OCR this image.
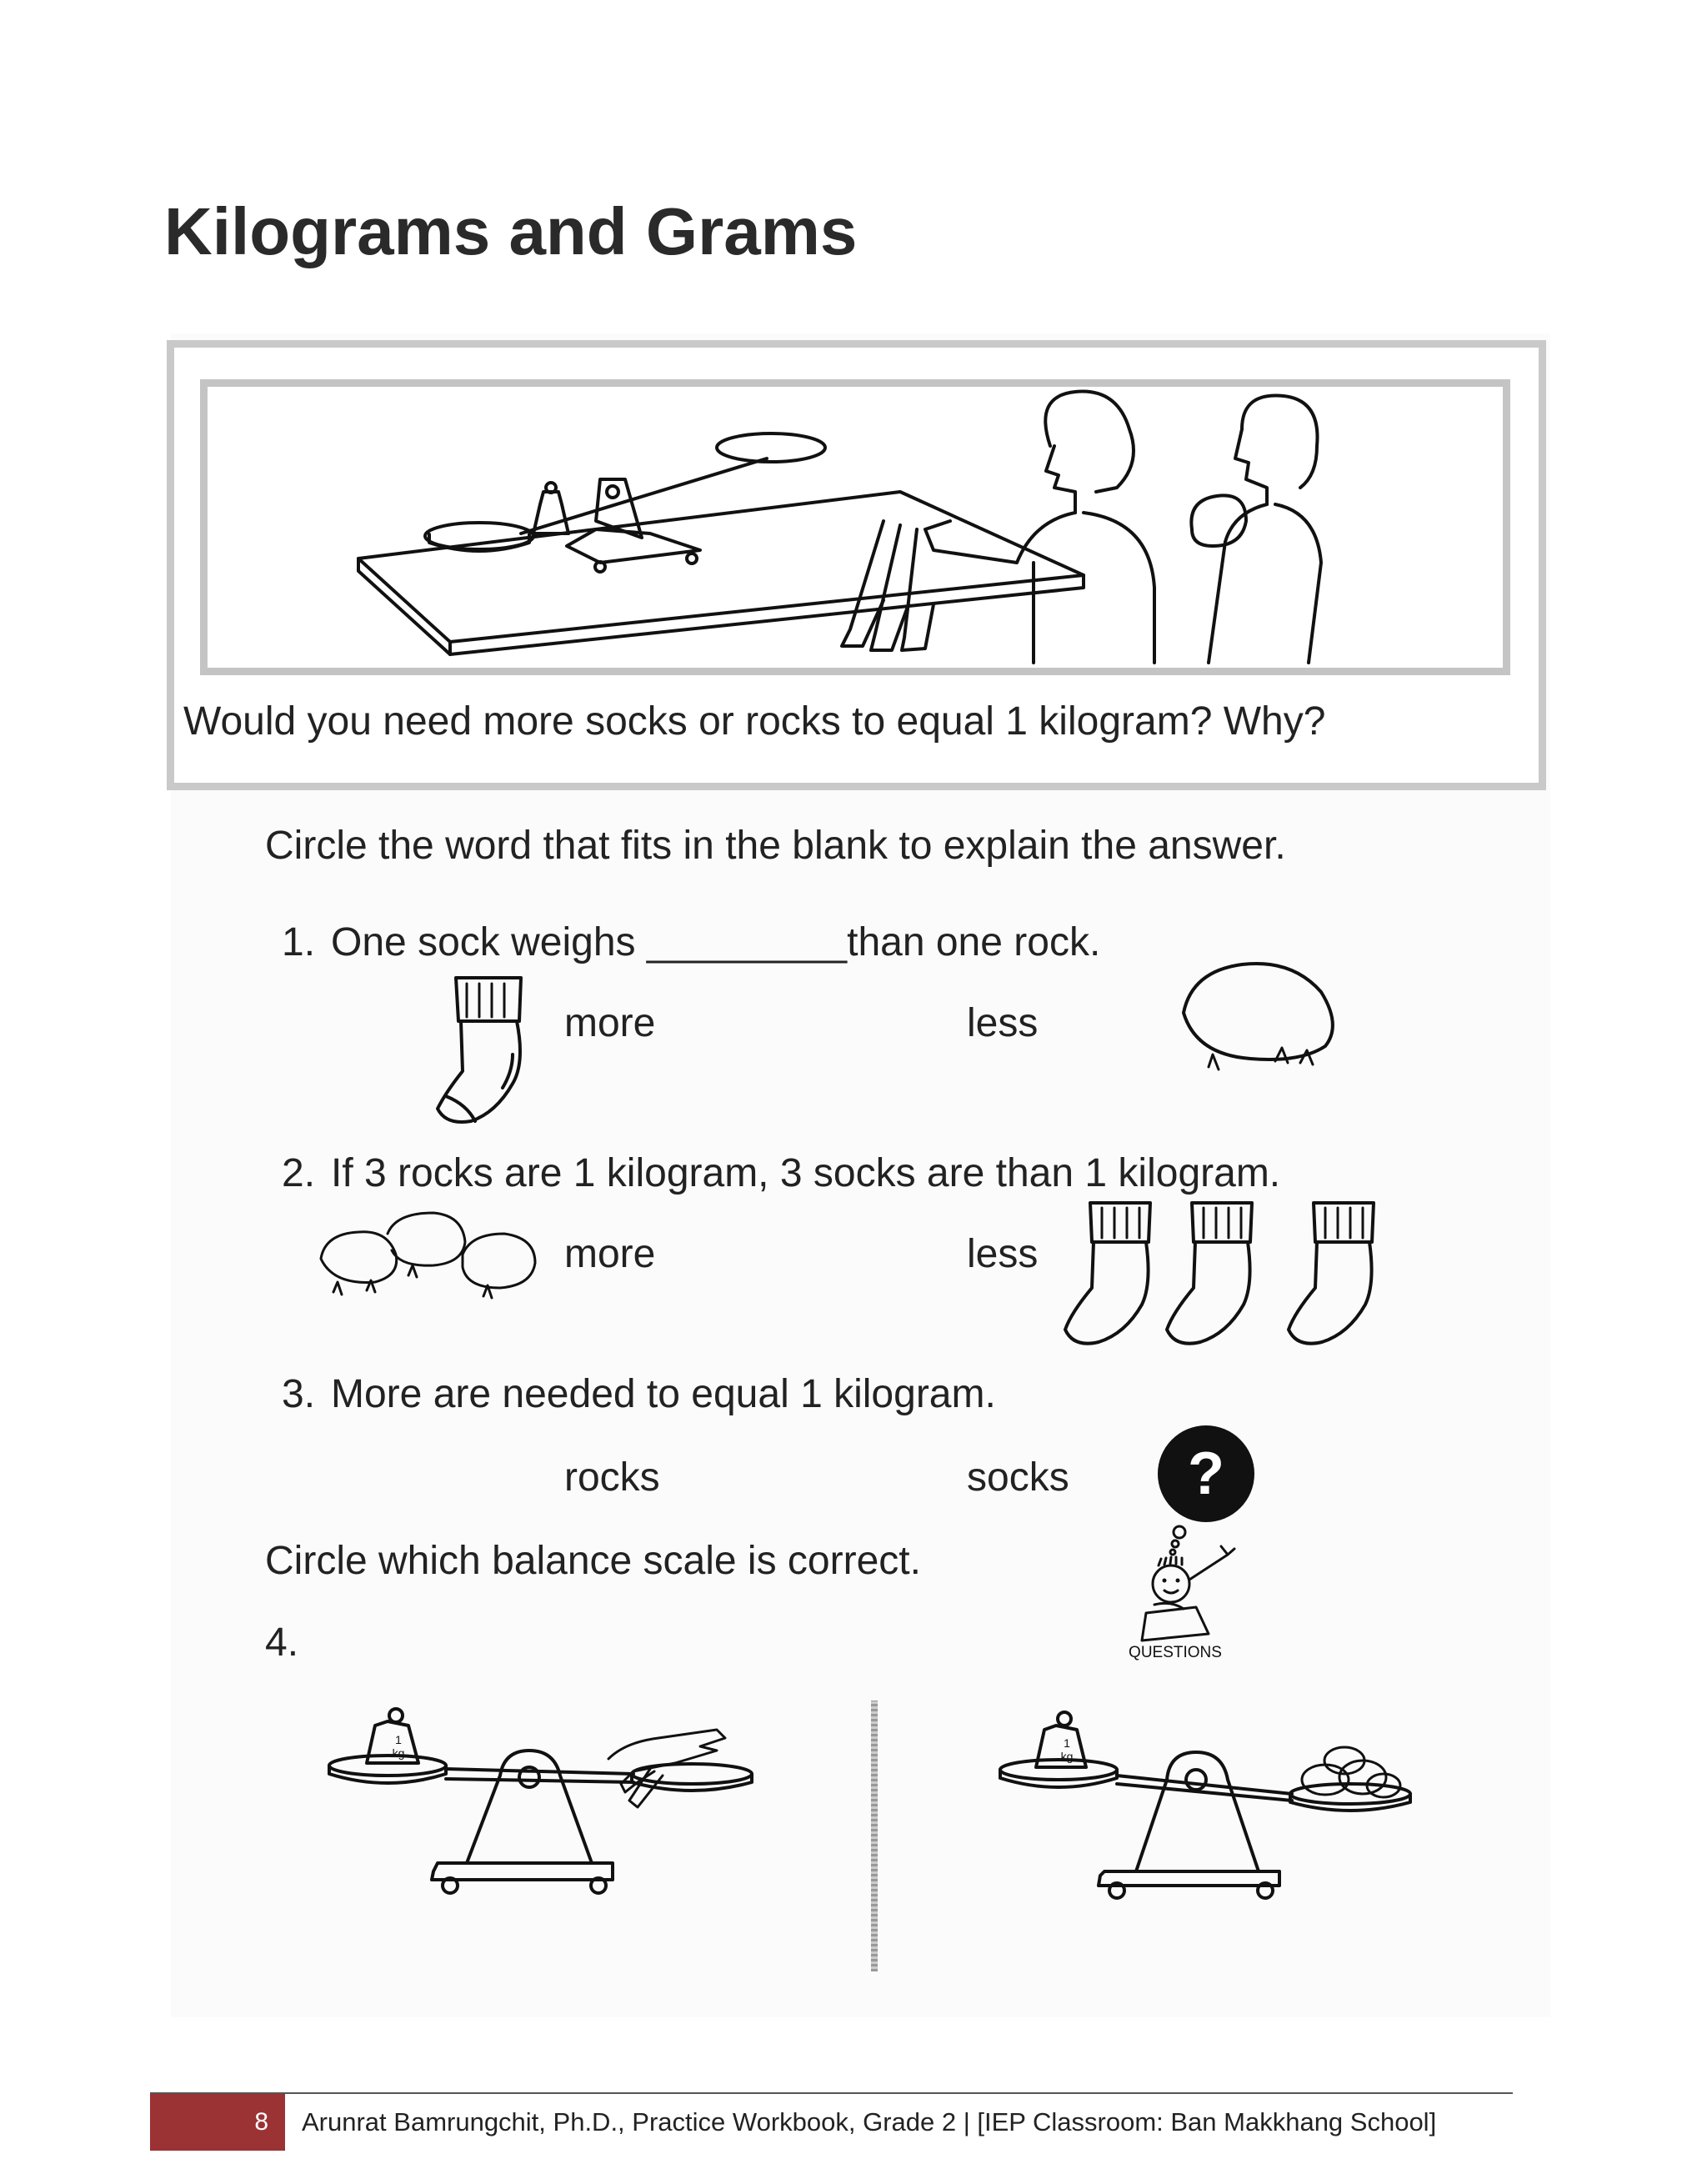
Kilograms and Grams
Would you need more socks or rocks to equal 1 kilogram? Why?
Circle the word that fits in the blank to explain the answer.
1. One sock weighs _________than one rock.
more	less
2. If 3 rocks are 1 kilogram, 3 socks are than 1 kilogram.
more	less
3. More are needed to equal 1 kilogram.
rocks	socks ?
QUESTIONS
Circle which balance scale is correct.
4.
1
kg
1
kg
8	Arunrat Bamrungchit, Ph.D., Practice Workbook, Grade 2 | [IEP Classroom: Ban Makkhang School]
